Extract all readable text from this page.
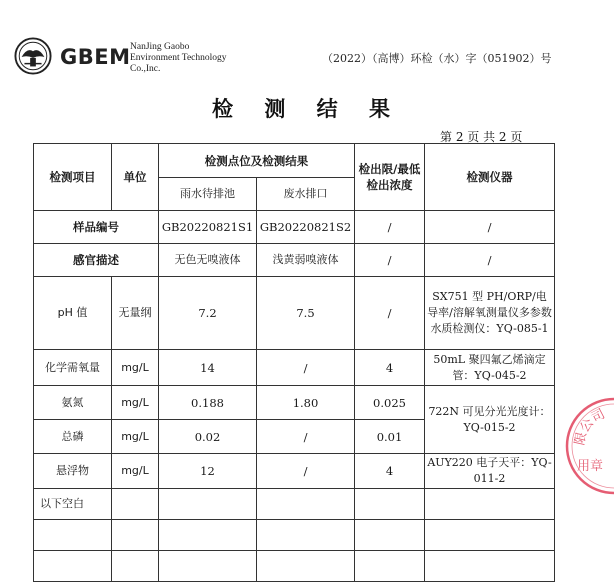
GBEM NanJing Gaobo
Environment Technology
Co.,Inc.
（2022）（高博）环检（水）字（051902）号
检 测 结 果
第 2 页 共 2 页
检测项目	单位	检测点位及检测结果		检出限/最低检出浓度	检测仪器
		雨水待排池	废水排口		
样品编号		GB20220821S1	GB20220821S2	/	/
感官描述		无色无嗅液体	浅黄弱嗅液体	/	/
pH 值	无量纲	7.2	7.5	/	SX751 型 PH/ORP/电导率/溶解氧测量仪多参数水质检测仪：YQ-085-1
化学需氧量	mg/L	14	/	4	50mL 聚四氟乙烯滴定管：YQ-045-2
氨氮	mg/L	0.188	1.80	0.025	722N 可见分光光度计：YQ-015-2
总磷	mg/L	0.02	/	0.01	
悬浮物	mg/L	12	/	4	AUY220 电子天平：YQ-011-2
以下空白					

限公司
用章
